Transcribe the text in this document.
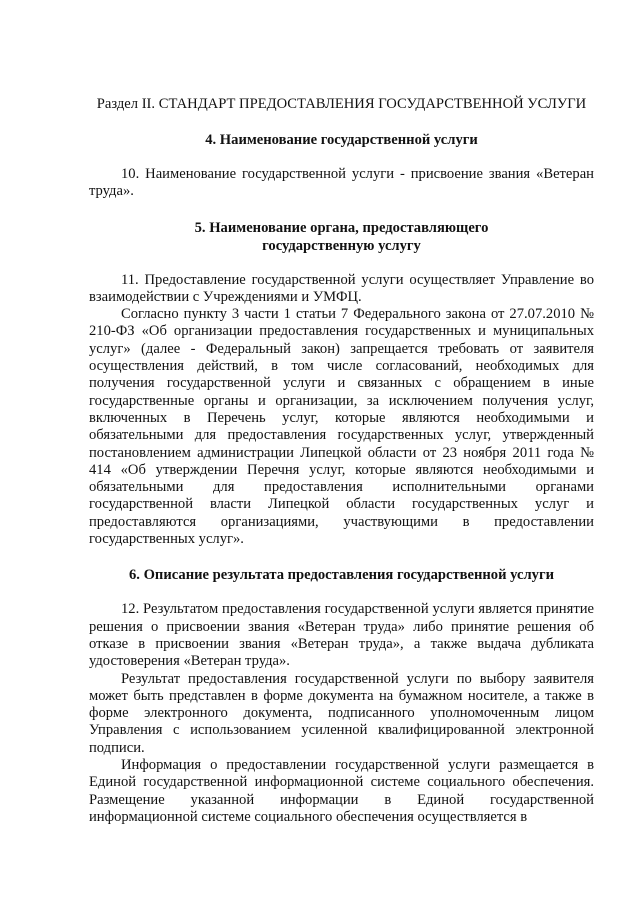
Раздел II. СТАНДАРТ ПРЕДОСТАВЛЕНИЯ ГОСУДАРСТВЕННОЙ УСЛУГИ
4. Наименование государственной услуги

10. Наименование государственной услуги - присвоение звания «Ветеран труда».

5. Наименование органа, предоставляющего
государственную услугу

11. Предоставление государственной услуги осуществляет Управление во взаимодействии с Учреждениями и УМФЦ.

Согласно пункту 3 части 1 статьи 7 Федерального закона от 27.07.2010 № 210-ФЗ «Об организации предоставления государственных и муниципальных услуг» (далее - Федеральный закон) запрещается требовать от заявителя осуществления действий, в том числе согласований, необходимых для получения государственной услуги и связанных с обращением в иные государственные органы и организации, за исключением получения услуг, включенных в Перечень услуг, которые являются необходимыми и обязательными для предоставления государственных услуг, утвержденный постановлением администрации Липецкой области от 23 ноября 2011 года № 414 «Об утверждении Перечня услуг, которые являются необходимыми и обязательными для предоставления исполнительными органами государственной власти Липецкой области государственных услуг и предоставляются организациями, участвующими в предоставлении государственных услуг».

6. Описание результата предоставления государственной услуги

12. Результатом предоставления государственной услуги является принятие решения о присвоении звания «Ветеран труда» либо принятие решения об отказе в присвоении звания «Ветеран труда», а также выдача дубликата удостоверения «Ветеран труда».

Результат предоставления государственной услуги по выбору заявителя может быть представлен в форме документа на бумажном носителе, а также в форме электронного документа, подписанного уполномоченным лицом Управления с использованием усиленной квалифицированной электронной подписи.

Информация о предоставлении государственной услуги размещается в Единой государственной информационной системе социального обеспечения. Размещение указанной информации в Единой государственной информационной системе социального обеспечения осуществляется в
